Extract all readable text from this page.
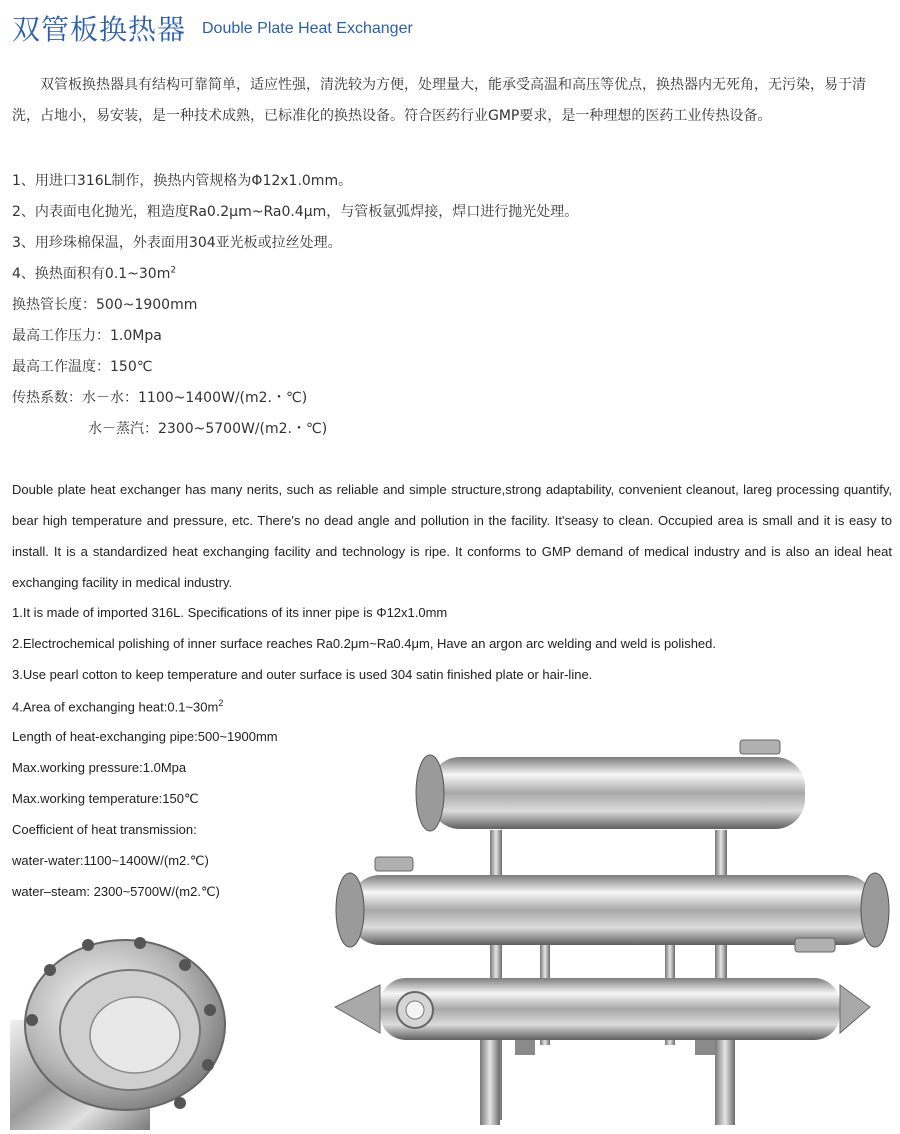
双管板换热器 Double Plate Heat Exchanger
双管板换热器具有结构可靠简单，适应性强，清洗较为方便，处理量大，能承受高温和高压等优点，换热器内无死角，无污染，易于清洗，占地小，易安装，是一种技术成熟，已标准化的换热设备。符合医药行业GMP要求，是一种理想的医药工业传热设备。
1、用进口316L制作，换热内管规格为Φ12x1.0mm。
2、内表面电化抛光，粗造度Ra0.2μm~Ra0.4μm，与管板氩弧焊接，焊口进行抛光处理。
3、用珍珠棉保温，外表面用304亚光板或拉丝处理。
4、换热面积有$0.1\sim 30m^2$
换热管长度：500~1900mm
最高工作压力：1.0Mpa
最高工作温度：150℃
传热系数：水－水：1100~1400W/(m2.・℃)
水－蒸汽：2300~5700W/(m2.・℃)
Double plate heat exchanger has many nerits, such as reliable and simple structure,strong adaptability, convenient cleanout, lareg processing quantify, bear high temperature and pressure, etc. There's no dead angle and pollution in the facility. It'seasy to clean. Occupied area is small and it is easy to install. It is a standardized heat exchanging facility and technology is ripe. It conforms to GMP demand of medical industry and is also an ideal heat exchanging facility in medical industry.
1.It is made of imported 316L. Specifications of its inner pipe is Φ12x1.0mm
2.Electrochemical polishing of inner surface reaches Ra0.2μm~Ra0.4μm, Have an argon arc welding and weld is polished.
3.Use pearl cotton to keep temperature and outer surface is used 304 satin finished plate or hair-line.
4.Area of exchanging $heat:0.1\sim 30m^2$
Length of heat-exchanging pipe:500~1900mm
Max.working pressure:1.0Mpa
Max.working temperature:150℃
Coefficient of heat transmission:
water-water:1100~1400W/(m2.℃)
water–steam: 2300~5700W/(m2.℃)
